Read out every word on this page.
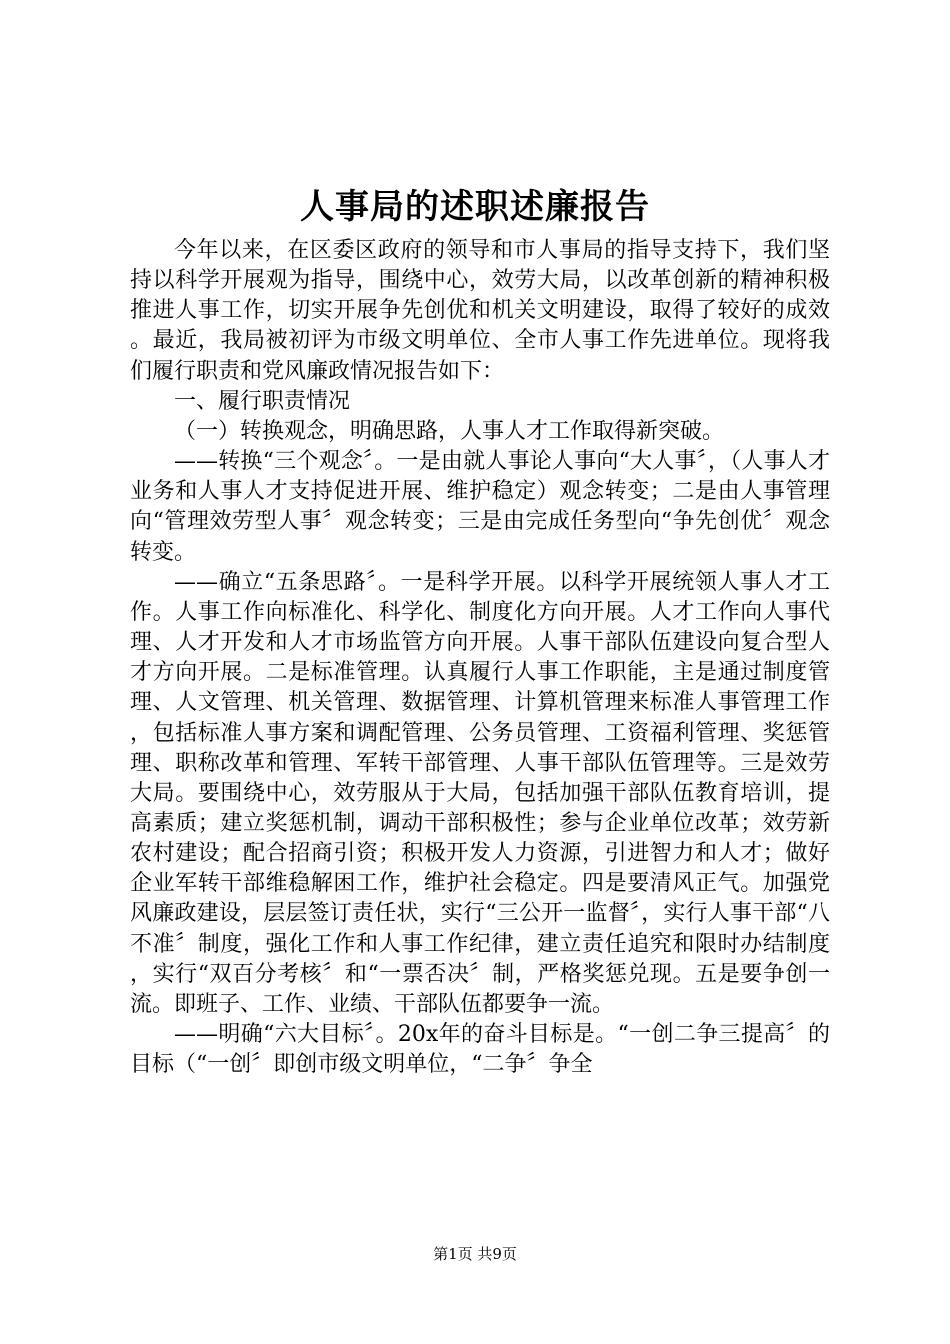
人事局的述职述廉报告

今年以来，在区委区政府的领导和市人事局的指导支持下，我们坚持以科学开展观为指导，围绕中心，效劳大局，以改革创新的精神积极推进人事工作，切实开展争先创优和机关文明建设，取得了较好的成效。最近，我局被初评为市级文明单位、全市人事工作先进单位。现将我们履行职责和党风廉政情况报告如下：

一、履行职责情况

（一）转换观念，明确思路，人事人才工作取得新突破。

——转换“三个观念〞。一是由就人事论人事向“大人事〞，（人事人才业务和人事人才支持促进开展、维护稳定）观念转变；二是由人事管理向“管理效劳型人事〞观念转变；三是由完成任务型向“争先创优〞观念转变。

——确立“五条思路〞。一是科学开展。以科学开展统领人事人才工作。人事工作向标准化、科学化、制度化方向开展。人才工作向人事代理、人才开发和人才市场监管方向开展。人事干部队伍建设向复合型人才方向开展。二是标准管理。认真履行人事工作职能，主是通过制度管理、人文管理、机关管理、数据管理、计算机管理来标准人事管理工作，包括标准人事方案和调配管理、公务员管理、工资福利管理、奖惩管理、职称改革和管理、军转干部管理、人事干部队伍管理等。三是效劳大局。要围绕中心，效劳服从于大局，包括加强干部队伍教育培训，提高素质；建立奖惩机制，调动干部积极性；参与企业单位改革；效劳新农村建设；配合招商引资；积极开发人力资源，引进智力和人才；做好企业军转干部维稳解困工作，维护社会稳定。四是要清风正气。加强党风廉政建设，层层签订责任状，实行“三公开一监督〞，实行人事干部“八不准〞制度，强化工作和人事工作纪律，建立责任追究和限时办结制度，实行“双百分考核〞和“一票否决〞制，严格奖惩兑现。五是要争创一流。即班子、工作、业绩、干部队伍都要争一流。

——明确“六大目标〞。20x年的奋斗目标是。“一创二争三提高〞的目标（“一创〞即创市级文明单位，“二争〞争全

第1页 共9页
